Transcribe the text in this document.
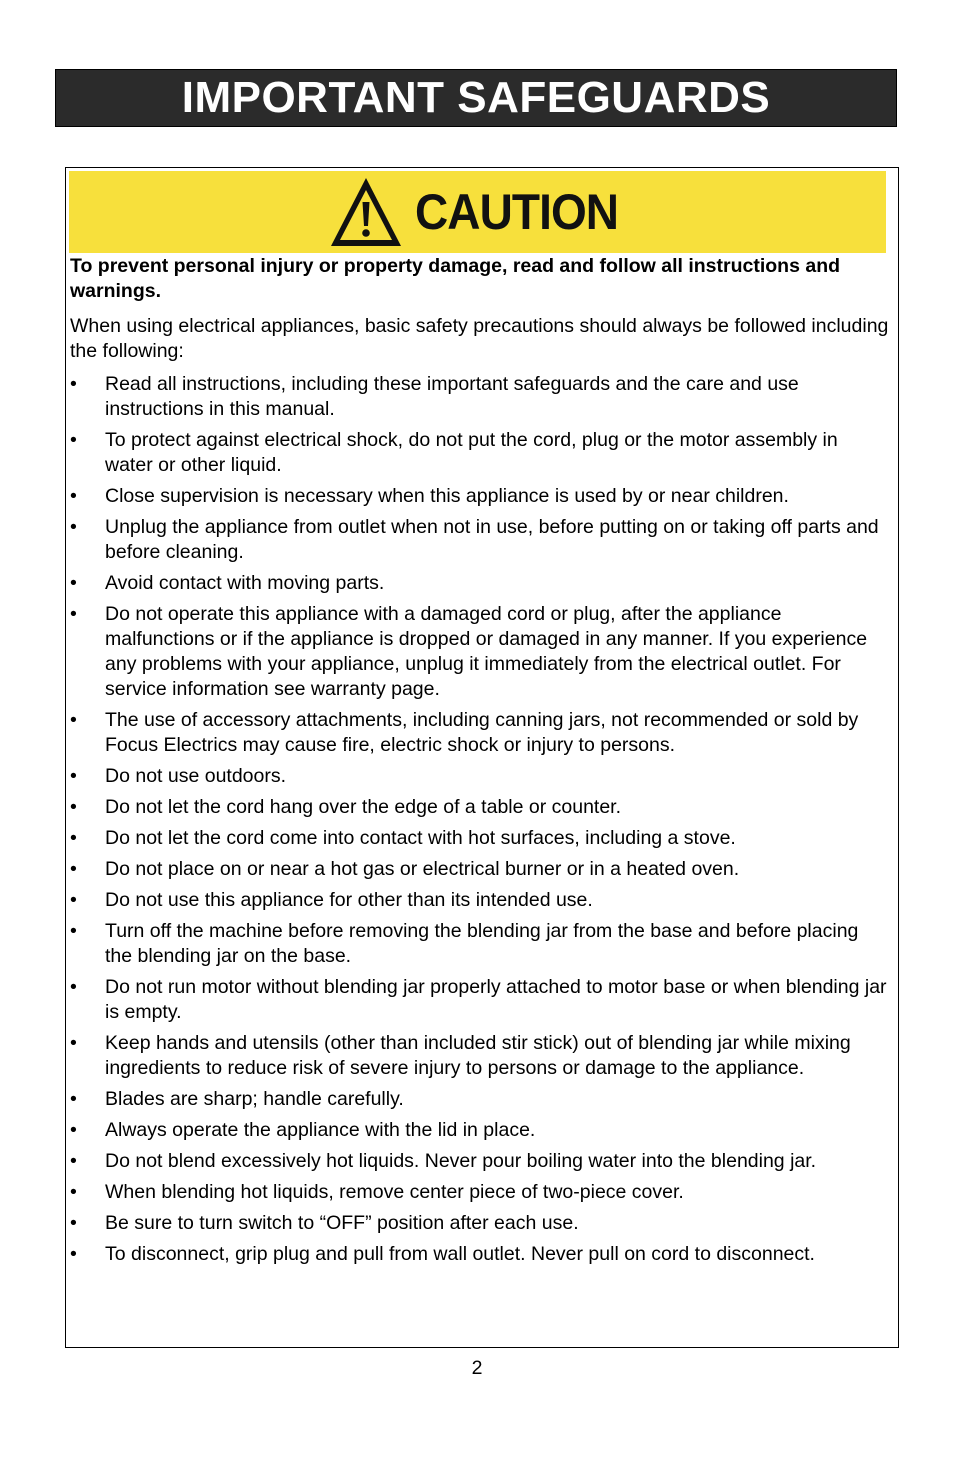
IMPORTANT SAFEGUARDS
CAUTION

To prevent personal injury or property damage, read and follow all instructions and warnings.

When using electrical appliances, basic safety precautions should always be followed including the following:

• Read all instructions, including these important safeguards and the care and use instructions in this manual.
• To protect against electrical shock, do not put the cord, plug or the motor assembly in water or other liquid.
• Close supervision is necessary when this appliance is used by or near children.
• Unplug the appliance from outlet when not in use, before putting on or taking off parts and before cleaning.
• Avoid contact with moving parts.
• Do not operate this appliance with a damaged cord or plug, after the appliance malfunctions or if the appliance is dropped or damaged in any manner. If you experience any problems with your appliance, unplug it immediately from the electrical outlet. For service information see warranty page.
• The use of accessory attachments, including canning jars, not recommended or sold by Focus Electrics may cause fire, electric shock or injury to persons.
• Do not use outdoors.
• Do not let the cord hang over the edge of a table or counter.
• Do not let the cord come into contact with hot surfaces, including a stove.
• Do not place on or near a hot gas or electrical burner or in a heated oven.
• Do not use this appliance for other than its intended use.
• Turn off the machine before removing the blending jar from the base and before placing the blending jar on the base.
• Do not run motor without blending jar properly attached to motor base or when blending jar is empty.
• Keep hands and utensils (other than included stir stick) out of blending jar while mixing ingredients to reduce risk of severe injury to persons or damage to the appliance.
• Blades are sharp; handle carefully.
• Always operate the appliance with the lid in place.
• Do not blend excessively hot liquids. Never pour boiling water into the blending jar.
• When blending hot liquids, remove center piece of two-piece cover.
• Be sure to turn switch to “OFF” position after each use.
• To disconnect, grip plug and pull from wall outlet. Never pull on cord to disconnect.
2
